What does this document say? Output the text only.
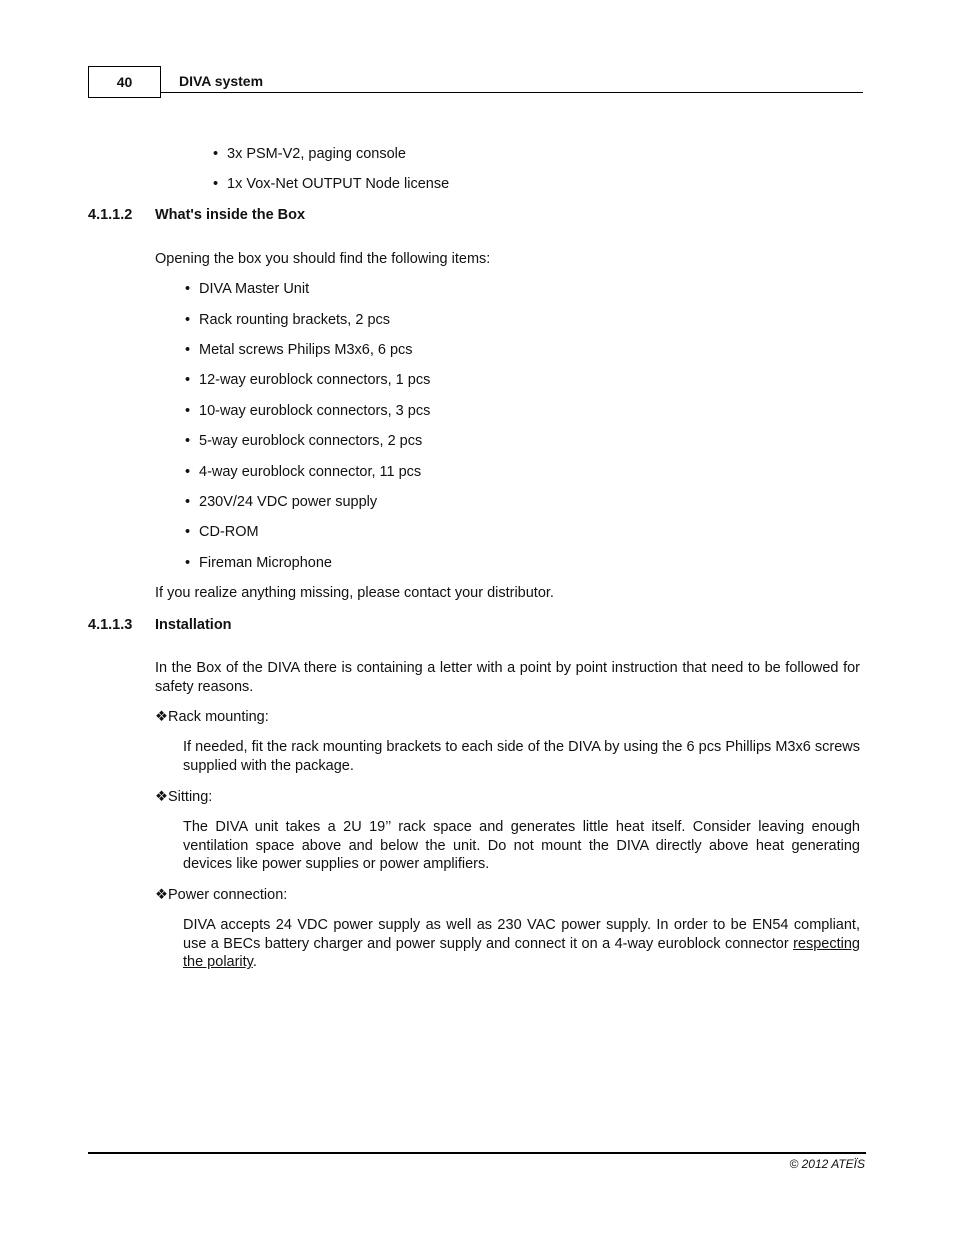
40	DIVA system
• 3x PSM-V2, paging console
• 1x Vox-Net OUTPUT Node license
4.1.1.2 What's inside the Box
Opening the box you should find the following items:
• DIVA Master Unit
• Rack rounting brackets, 2 pcs
• Metal screws Philips M3x6, 6 pcs
• 12-way euroblock connectors, 1 pcs
• 10-way euroblock connectors, 3 pcs
• 5-way euroblock connectors, 2 pcs
• 4-way euroblock connector, 11 pcs
• 230V/24 VDC power supply
• CD-ROM
• Fireman Microphone
If you realize anything missing, please contact your distributor.
4.1.1.3 Installation
In the Box of the DIVA there is containing a letter with a point by point instruction that need to be followed for safety reasons.
❖Rack mounting:
If needed, fit the rack mounting brackets to each side of the DIVA by using the 6 pcs Phillips M3x6 screws supplied with the package.
❖Sitting:
The DIVA unit takes a 2U 19’’ rack space and generates little heat itself. Consider leaving enough ventilation space above and below the unit. Do not mount the DIVA directly above heat generating devices like power supplies or power amplifiers.
❖Power connection:
DIVA accepts 24 VDC power supply as well as 230 VAC power supply. In order to be EN54 compliant, use a BECs battery charger and power supply and connect it on a 4-way euroblock connector respecting the polarity.
© 2012 ATEÏS
